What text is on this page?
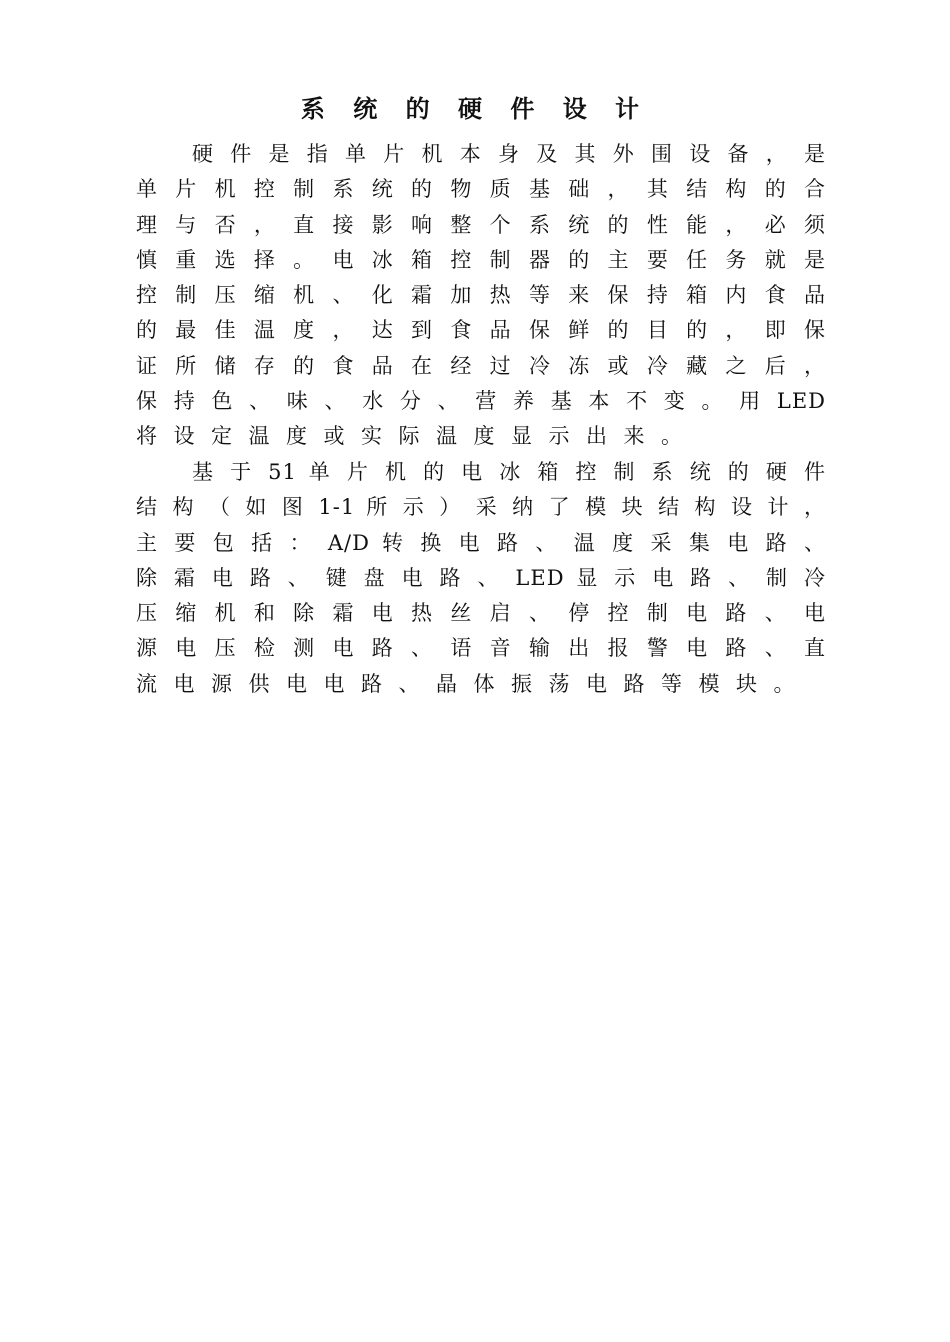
系 统 的 硬 件 设 计
硬 件 是 指 单 片 机 本 身 及 其 外 围 设 备 ， 是
单 片 机 控 制 系 统 的 物 质 基 础 ， 其 结 构 的 合
理 与 否 ， 直 接 影 响 整 个 系 统 的 性 能 ， 必 须
慎 重 选 择 。 电 冰 箱 控 制 器 的 主 要 任 务 就 是
控 制 压 缩 机 、 化 霜 加 热 等 来 保 持 箱 内 食 品
的 最 佳 温 度 ， 达 到 食 品 保 鲜 的 目 的 ， 即 保
证 所 储 存 的 食 品 在 经 过 冷 冻 或 冷 藏 之 后 ，
保 持 色 、 味 、 水 分 、 营 养 基 本 不 变 。 用 LED
将设定温度或实际温度显示出来。
基 于 51 单 片 机 的 电 冰 箱 控 制 系 统 的 硬 件
结 构 （ 如 图 1-1 所 示 ） 采 纳 了 模 块 结 构 设 计 ，
主 要 包 括 ： A/D 转 换 电 路 、 温 度 采 集 电 路 、
除 霜 电 路 、 键 盘 电 路 、 LED 显 示 电 路 、 制 冷
压 缩 机 和 除 霜 电 热 丝 启 、 停 控 制 电 路 、 电
源 电 压 检 测 电 路 、 语 音 输 出 报 警 电 路 、 直
流电源供电电路、晶体振荡电路等模块。
